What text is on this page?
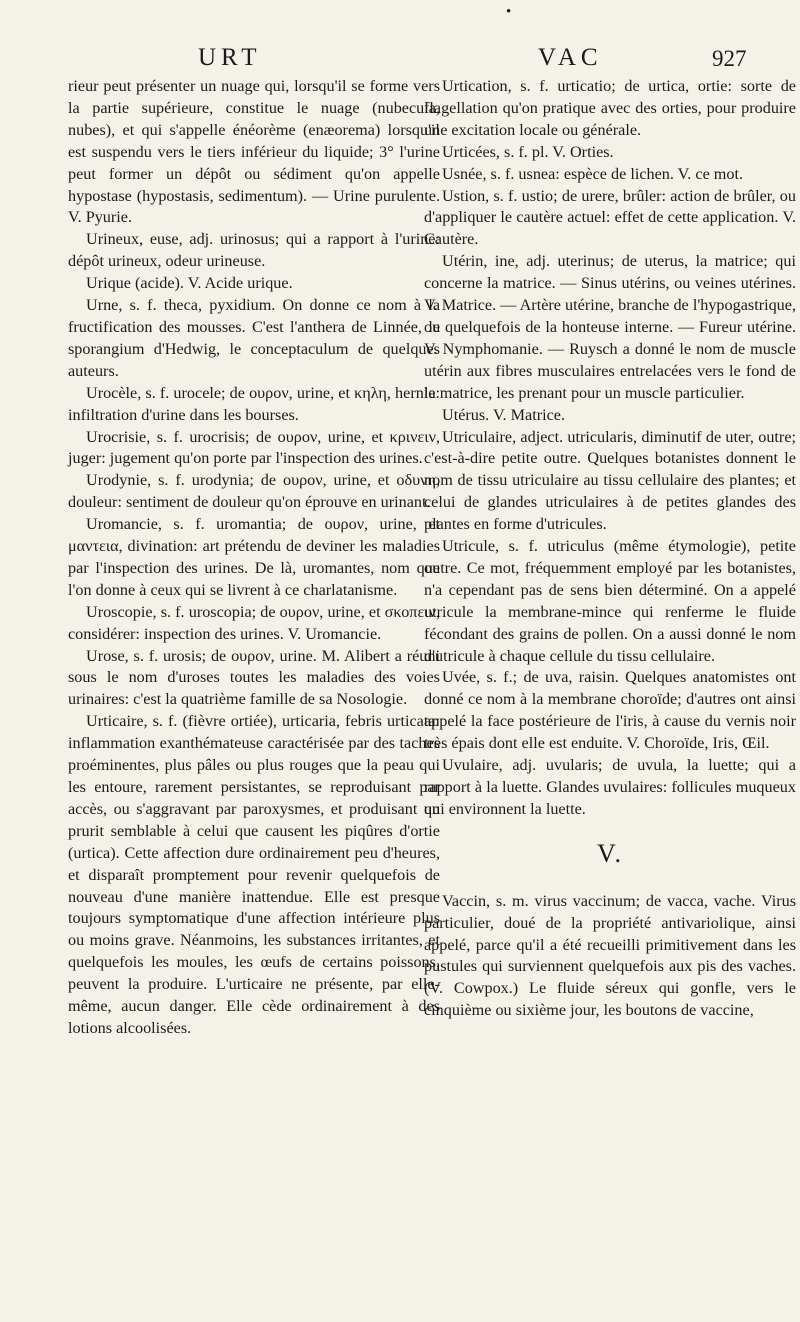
•
URT	VAC	927

rieur peut présenter un nuage qui, lorsqu'il se forme vers la partie supérieure, constitue le nuage (nubecula, nubes), et qui s'appelle énéorème (enæorema) lorsqu'il est suspendu vers le tiers inférieur du liquide; 3° l'urine peut former un dépôt ou sédiment qu'on appelle hypostase (hypostasis, sedimentum). — Urine purulente. V. Pyurie.

Urineux, euse, adj. urinosus; qui a rapport à l'urine: dépôt urineux, odeur urineuse.

Urique (acide). V. Acide urique.

Urne, s. f. theca, pyxidium. On donne ce nom à la fructification des mousses. C'est l'anthera de Linnée, le sporangium d'Hedwig, le conceptaculum de quelques auteurs.

Urocèle, s. f. urocele; de ουρον, urine, et κηλη, hernie: infiltration d'urine dans les bourses.

Urocrisie, s. f. urocrisis; de ουρον, urine, et κρινειν, juger: jugement qu'on porte par l'inspection des urines.

Urodynie, s. f. urodynia; de ουρον, urine, et οδυνη, douleur: sentiment de douleur qu'on éprouve en urinant.

Uromancie, s. f. uromantia; de ουρον, urine, et μαντεια, divination: art prétendu de deviner les maladies par l'inspection des urines. De là, uromantes, nom que l'on donne à ceux qui se livrent à ce charlatanisme.

Uroscopie, s. f. uroscopia; de ουρον, urine, et σκοπειν, considérer: inspection des urines. V. Uromancie.

Urose, s. f. urosis; de ουρον, urine. M. Alibert a réuni sous le nom d'uroses toutes les maladies des voies urinaires: c'est la quatrième famille de sa Nosologie.

Urticaire, s. f. (fièvre ortiée), urticaria, febris urticata: inflammation exanthémateuse caractérisée par des taches proéminentes, plus pâles ou plus rouges que la peau qui les entoure, rarement persistantes, se reproduisant par accès, ou s'aggravant par paroxysmes, et produisant un prurit semblable à celui que causent les piqûres d'ortie (urtica). Cette affection dure ordinairement peu d'heures, et disparaît promptement pour revenir quelquefois de nouveau d'une manière inattendue. Elle est presque toujours symptomatique d'une affection intérieure plus ou moins grave. Néanmoins, les substances irritantes, et quelquefois les moules, les œufs de certains poissons, peuvent la produire. L'urticaire ne présente, par elle-même, aucun danger. Elle cède ordinairement à des lotions alcoolisées.

Urtication, s. f. urticatio; de urtica, ortie: sorte de flagellation qu'on pratique avec des orties, pour produire une excitation locale ou générale.

Urticées, s. f. pl. V. Orties.

Usnée, s. f. usnea: espèce de lichen. V. ce mot.

Ustion, s. f. ustio; de urere, brûler: action de brûler, ou d'appliquer le cautère actuel: effet de cette application. V. Cautère.

Utérin, ine, adj. uterinus; de uterus, la matrice; qui concerne la matrice. — Sinus utérins, ou veines utérines. V. Matrice. — Artère utérine, branche de l'hypogastrique, ou quelquefois de la honteuse interne. — Fureur utérine. V. Nymphomanie. — Ruysch a donné le nom de muscle utérin aux fibres musculaires entrelacées vers le fond de la matrice, les prenant pour un muscle particulier.

Utérus. V. Matrice.

Utriculaire, adject. utricularis, diminutif de uter, outre; c'est-à-dire petite outre. Quelques botanistes donnent le nom de tissu utriculaire au tissu cellulaire des plantes; et celui de glandes utriculaires à de petites glandes des plantes en forme d'utricules.

Utricule, s. f. utriculus (même étymologie), petite outre. Ce mot, fréquemment employé par les botanistes, n'a cependant pas de sens bien déterminé. On a appelé utricule la membrane-mince qui renferme le fluide fécondant des grains de pollen. On a aussi donné le nom d'utricule à chaque cellule du tissu cellulaire.

Uvée, s. f.; de uva, raisin. Quelques anatomistes ont donné ce nom à la membrane choroïde; d'autres ont ainsi appelé la face postérieure de l'iris, à cause du vernis noir très épais dont elle est enduite. V. Choroïde, Iris, Œil.

Uvulaire, adj. uvularis; de uvula, la luette; qui a rapport à la luette. Glandes uvulaires: follicules muqueux qui environnent la luette.

V.

Vaccin, s. m. virus vaccinum; de vacca, vache. Virus particulier, doué de la propriété antivariolique, ainsi appelé, parce qu'il a été recueilli primitivement dans les pustules qui surviennent quelquefois aux pis des vaches. (V. Cowpox.) Le fluide séreux qui gonfle, vers le cinquième ou sixième jour, les boutons de vaccine,
